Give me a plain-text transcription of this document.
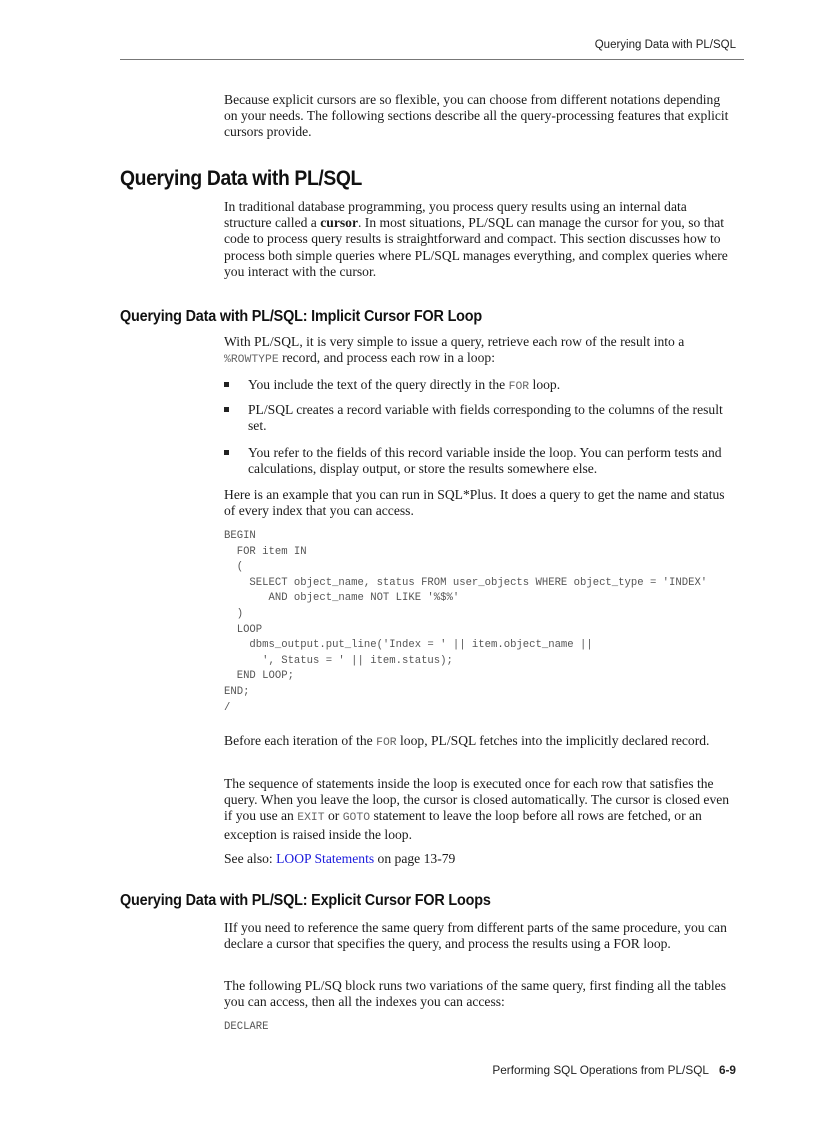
Querying Data with PL/SQL

Because explicit cursors are so flexible, you can choose from different notations depending on your needs. The following sections describe all the query-processing features that explicit cursors provide.

Querying Data with PL/SQL

In traditional database programming, you process query results using an internal data structure called a cursor. In most situations, PL/SQL can manage the cursor for you, so that code to process query results is straightforward and compact. This section discusses how to process both simple queries where PL/SQL manages everything, and complex queries where you interact with the cursor.

Querying Data with PL/SQL: Implicit Cursor FOR Loop

With PL/SQL, it is very simple to issue a query, retrieve each row of the result into a %ROWTYPE record, and process each row in a loop:

You include the text of the query directly in the FOR loop.
PL/SQL creates a record variable with fields corresponding to the columns of the result set.
You refer to the fields of this record variable inside the loop. You can perform tests and calculations, display output, or store the results somewhere else.

Here is an example that you can run in SQL*Plus. It does a query to get the name and status of every index that you can access.

BEGIN
FOR item IN
(
SELECT object_name, status FROM user_objects WHERE object_type = 'INDEX'
AND object_name NOT LIKE '%$%'
)
LOOP
dbms_output.put_line('Index = ' || item.object_name ||
', Status = ' || item.status);
END LOOP;
END;
/

Before each iteration of the FOR loop, PL/SQL fetches into the implicitly declared record.

The sequence of statements inside the loop is executed once for each row that satisfies the query. When you leave the loop, the cursor is closed automatically. The cursor is closed even if you use an EXIT or GOTO statement to leave the loop before all rows are fetched, or an exception is raised inside the loop.

See also: LOOP Statements on page 13-79

Querying Data with PL/SQL: Explicit Cursor FOR Loops

IIf you need to reference the same query from different parts of the same procedure, you can declare a cursor that specifies the query, and process the results using a FOR loop.

The following PL/SQ block runs two variations of the same query, first finding all the tables you can access, then all the indexes you can access:

DECLARE
Performing SQL Operations from PL/SQL 6-9
